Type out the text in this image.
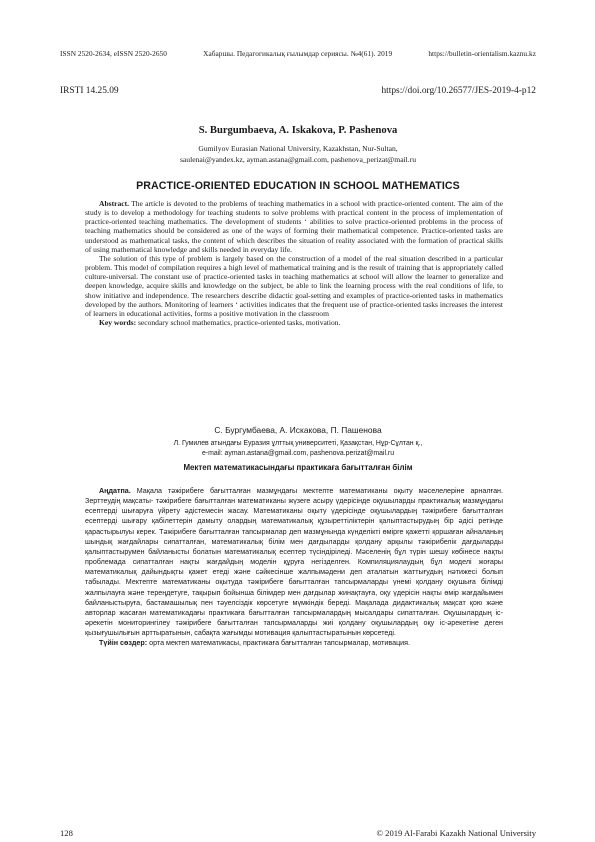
ISSN 2520-2634, eISSN 2520-2650	Хабаршы. Педагогикалық ғылымдар сериясы. №4(61). 2019	https://bulletin-orientalism.kaznu.kz
IRSTI 14.25.09	https://doi.org/10.26577/JES-2019-4-p12
S. Burgumbaeva, A. Iskakova, P. Pashenova
Gumilyov Eurasian National University, Kazakhstan, Nur-Sultan,
saulenai@yandex.kz, ayman.astana@gmail.com, pashenova_perizat@mail.ru
PRACTICE-ORIENTED EDUCATION IN SCHOOL MATHEMATICS

Abstract. The article is devoted to the problems of teaching mathematics in a school with practice-oriented content. The aim of the study is to develop a methodology for teaching students to solve problems with practical content in the process of implementation of practice-oriented teaching mathematics. The development of students ‘ abilities to solve practice-oriented problems in the process of teaching mathematics should be considered as one of the ways of forming their mathematical competence. Practice-oriented tasks are understood as mathematical tasks, the content of which describes the situation of reality associated with the formation of practical skills of using mathematical knowledge and skills needed in everyday life.

The solution of this type of problem is largely based on the construction of a model of the real situation described in a particular problem. This model of compilation requires a high level of mathematical training and is the result of training that is appropriately called culture-universal. The constant use of practice-oriented tasks in teaching mathematics at school will allow the learner to generalize and deepen knowledge, acquire skills and knowledge on the subject, be able to link the learning process with the real conditions of life, to show initiative and independence. The researchers describe didactic goal-setting and examples of practice-oriented tasks in mathematics developed by the authors. Monitoring of learners ‘ activities indicates that the frequent use of practice-oriented tasks increases the interest of learners in educational activities, forms a positive motivation in the classroom

Key words: secondary school mathematics, practice-oriented tasks, motivation.

С. Бургумбаева, А. Искакова, П. Пашенова
Л. Гумилев атындағы Еуразия ұлттық университеті, Қазақстан, Нұр-Сұлтан қ.,
e-mail: ayman.astana@gmail.com, pashenova.perizat@mail.ru
Мектеп математикасындағы практикаға бағытталған білім

Аңдатпа. Мақала тәжірибеге бағытталған мазмұндағы мектепте математиканы оқыту мәселелеріне арналған. Зерттеудің мақсаты- тәжірибеге бағытталған математиканы жүзеге асыру үдерісінде оқушыларды практикалық мазмұндағы есептерді шығаруға үйрету әдістемесін жасау. Математиканы оқыту үдерісінде оқушылардың тәжірибеге бағытталған есептерді шығару қабілеттерін дамыту олардың математикалық құзыреттіліктерін қалыптастырудың бір әдісі ретінде қарастырылуы керек. Тәжірибеге бағытталған тапсырмалар деп мазмұнында күнделікті өмірге қажетті қоршаған айналаның шындық жағдайлары сипатталған, математикалық білім мен дағдыларды қолдану арқылы тәжірибелік дағдыларды қалыптастырумен байланысты болатын математикалық есептер түсіндіріледі. Мәселенің бұл түрін шешу көбінесе нақты проблемада сипатталған нақты жағдайдың моделін құруға негізделген. Компиляциялаудың бұл моделі жоғары математикалық дайындықты қажет етеді және сәйкесінше жалпымәдени деп аталатын жаттығудың нәтижесі болып табылады. Мектепте математиканы оқытуда тәжірибеге бағытталған тапсырмаларды үнемі қолдану оқушыға білімді жалпылауға және тереңдетуге, тақырып бойынша білімдер мен дағдылар жинақтауға, оқу үдерісін нақты өмір жағдайымен байланыстыруға, бастамашылық пен тәуелсіздік көрсетуге мүмкіндік береді. Мақалада дидактикалық мақсат қою және авторлар жасаған математикадағы практикаға бағытталған тапсырмалардың мысалдары сипатталған. Оқушылардың іс-әрекетін мониторингілеу тәжірибеге бағытталған тапсырмаларды жиі қолдану оқушылардың оқу іс-әрекетіне деген қызығушылығын арттыратынын, сабақта жағымды мотивация қалыптастыратынын көрсетеді.

Түйін сөздер: орта мектеп математикасы, практикаға бағытталған тапсырмалар, мотивация.

128	© 2019 Al-Farabi Kazakh National University
